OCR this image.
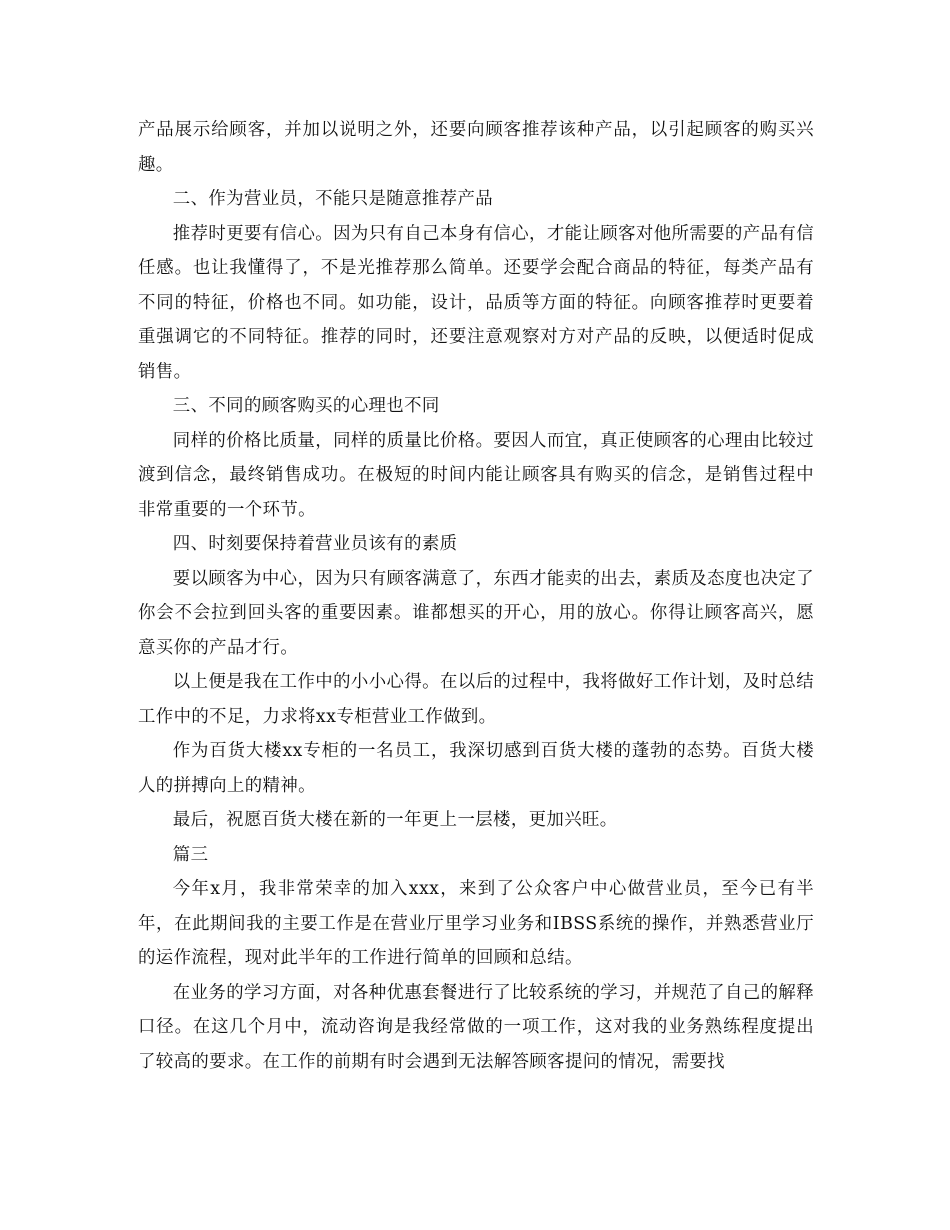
产品展示给顾客，并加以说明之外，还要向顾客推荐该种产品，以引起顾客的购买兴趣。

二、作为营业员，不能只是随意推荐产品

推荐时更要有信心。因为只有自己本身有信心，才能让顾客对他所需要的产品有信任感。也让我懂得了，不是光推荐那么简单。还要学会配合商品的特征，每类产品有不同的特征，价格也不同。如功能，设计，品质等方面的特征。向顾客推荐时更要着重强调它的不同特征。推荐的同时，还要注意观察对方对产品的反映，以便适时促成销售。

三、不同的顾客购买的心理也不同

同样的价格比质量，同样的质量比价格。要因人而宜，真正使顾客的心理由比较过渡到信念，最终销售成功。在极短的时间内能让顾客具有购买的信念，是销售过程中非常重要的一个环节。

四、时刻要保持着营业员该有的素质

要以顾客为中心，因为只有顾客满意了，东西才能卖的出去，素质及态度也决定了你会不会拉到回头客的重要因素。谁都想买的开心，用的放心。你得让顾客高兴，愿意买你的产品才行。

以上便是我在工作中的小小心得。在以后的过程中，我将做好工作计划，及时总结工作中的不足，力求将xx专柜营业工作做到。

作为百货大楼xx专柜的一名员工，我深切感到百货大楼的蓬勃的态势。百货大楼人的拼搏向上的精神。

最后，祝愿百货大楼在新的一年更上一层楼，更加兴旺。

篇三

今年x月，我非常荣幸的加入xxx，来到了公众客户中心做营业员，至今已有半年，在此期间我的主要工作是在营业厅里学习业务和IBSS系统的操作，并熟悉营业厅的运作流程，现对此半年的工作进行简单的回顾和总结。

在业务的学习方面，对各种优惠套餐进行了比较系统的学习，并规范了自己的解释口径。在这几个月中，流动咨询是我经常做的一项工作，这对我的业务熟练程度提出了较高的要求。在工作的前期有时会遇到无法解答顾客提问的情况，需要找
